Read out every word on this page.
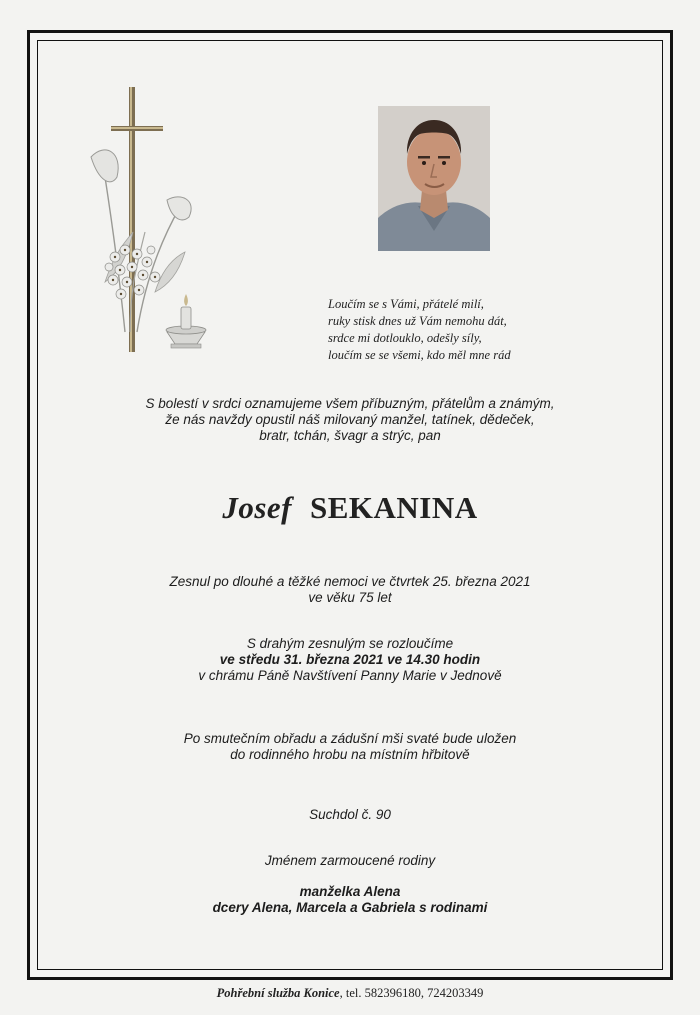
Loučím se s Vámi, přátelé milí,
ruky stisk dnes už Vám nemohu dát,
srdce mi dotlouklo, odešly síly,
loučím se se všemi, kdo měl mne rád
S bolestí v srdci oznamujeme všem příbuzným, přátelům a známým,
že nás navždy opustil náš milovaný manžel, tatínek, dědeček,
bratr, tchán, švagr a strýc, pan
Josef SEKANINA
Zesnul po dlouhé a těžké nemoci ve čtvrtek 25. března 2021
ve věku 75 let
S drahým zesnulým se rozloučíme
ve středu 31. března 2021 ve 14.30 hodin
v chrámu Páně Navštívení Panny Marie v Jednově
Po smutečním obřadu a zádušní mši svaté bude uložen
do rodinného hrobu na místním hřbitově
Suchdol č. 90
Jménem zarmoucené rodiny
manželka Alena
dcery Alena, Marcela a Gabriela s rodinami
Pohřební služba Konice, tel. 582396180, 724203349
